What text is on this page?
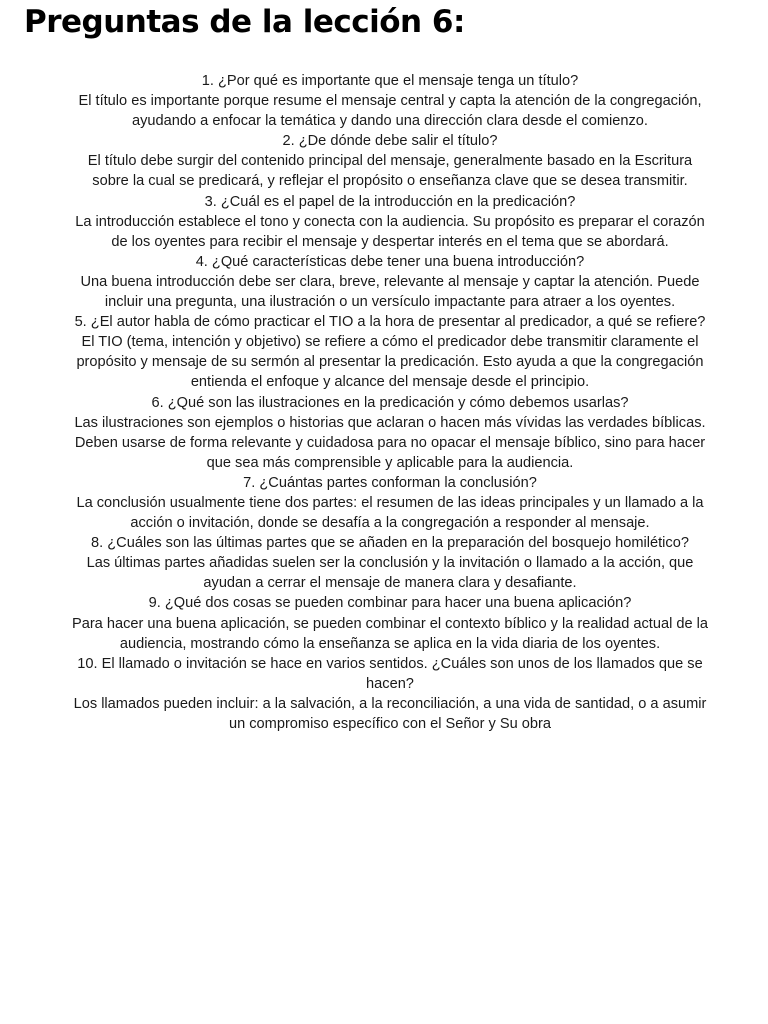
Preguntas de la lección 6:

1. ¿Por qué es importante que el mensaje tenga un título?

El título es importante porque resume el mensaje central y capta la atención de la congregación, ayudando a enfocar la temática y dando una dirección clara desde el comienzo.

2. ¿De dónde debe salir el título?

El título debe surgir del contenido principal del mensaje, generalmente basado en la Escritura sobre la cual se predicará, y reflejar el propósito o enseñanza clave que se desea transmitir.

3. ¿Cuál es el papel de la introducción en la predicación?

La introducción establece el tono y conecta con la audiencia. Su propósito es preparar el corazón de los oyentes para recibir el mensaje y despertar interés en el tema que se abordará.

4. ¿Qué características debe tener una buena introducción?

Una buena introducción debe ser clara, breve, relevante al mensaje y captar la atención. Puede incluir una pregunta, una ilustración o un versículo impactante para atraer a los oyentes.

5. ¿El autor habla de cómo practicar el TIO a la hora de presentar al predicador, a qué se refiere?

El TIO (tema, intención y objetivo) se refiere a cómo el predicador debe transmitir claramente el propósito y mensaje de su sermón al presentar la predicación. Esto ayuda a que la congregación entienda el enfoque y alcance del mensaje desde el principio.

6. ¿Qué son las ilustraciones en la predicación y cómo debemos usarlas?

Las ilustraciones son ejemplos o historias que aclaran o hacen más vívidas las verdades bíblicas. Deben usarse de forma relevante y cuidadosa para no opacar el mensaje bíblico, sino para hacer que sea más comprensible y aplicable para la audiencia.

7. ¿Cuántas partes conforman la conclusión?

La conclusión usualmente tiene dos partes: el resumen de las ideas principales y un llamado a la acción o invitación, donde se desafía a la congregación a responder al mensaje.

8. ¿Cuáles son las últimas partes que se añaden en la preparación del bosquejo homilético?

Las últimas partes añadidas suelen ser la conclusión y la invitación o llamado a la acción, que ayudan a cerrar el mensaje de manera clara y desafiante.

9. ¿Qué dos cosas se pueden combinar para hacer una buena aplicación?

Para hacer una buena aplicación, se pueden combinar el contexto bíblico y la realidad actual de la audiencia, mostrando cómo la enseñanza se aplica en la vida diaria de los oyentes.

10. El llamado o invitación se hace en varios sentidos. ¿Cuáles son unos de los llamados que se hacen?

Los llamados pueden incluir: a la salvación, a la reconciliación, a una vida de santidad, o a asumir un compromiso específico con el Señor y Su obra
